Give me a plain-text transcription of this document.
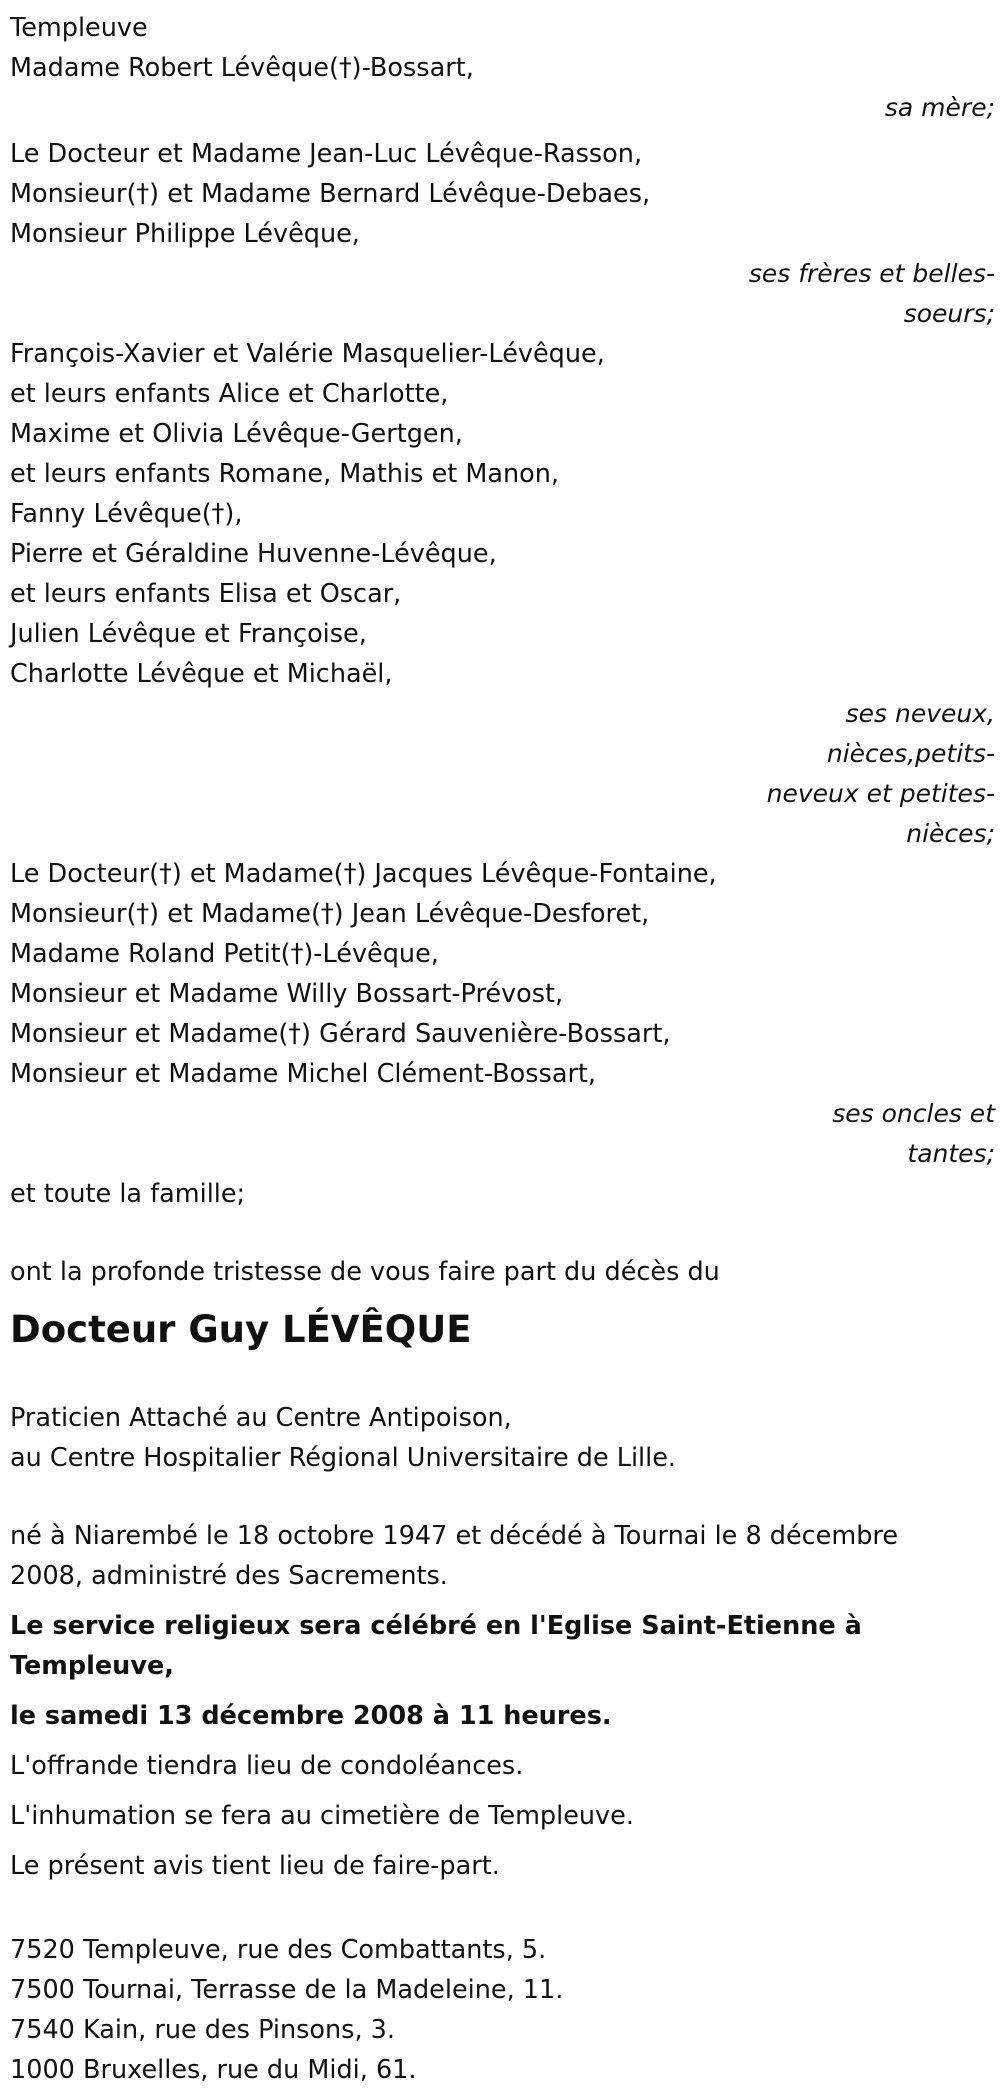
Templeuve
Madame Robert Lévêque(†)-Bossart,
sa mère;
Le Docteur et Madame Jean-Luc Lévêque-Rasson,
Monsieur(†) et Madame Bernard Lévêque-Debaes,
Monsieur Philippe Lévêque,
ses frères et belles-
soeurs;
François-Xavier et Valérie Masquelier-Lévêque,
et leurs enfants Alice et Charlotte,
Maxime et Olivia Lévêque-Gertgen,
et leurs enfants Romane, Mathis et Manon,
Fanny Lévêque(†),
Pierre et Géraldine Huvenne-Lévêque,
et leurs enfants Elisa et Oscar,
Julien Lévêque et Françoise,
Charlotte Lévêque et Michaël,
ses neveux,
nièces,petits-
neveux et petites-
nièces;
Le Docteur(†) et Madame(†) Jacques Lévêque-Fontaine,
Monsieur(†) et Madame(†) Jean Lévêque-Desforet,
Madame Roland Petit(†)-Lévêque,
Monsieur et Madame Willy Bossart-Prévost,
Monsieur et Madame(†) Gérard Sauvenière-Bossart,
Monsieur et Madame Michel Clément-Bossart,
ses oncles et
tantes;
et toute la famille;
ont la profonde tristesse de vous faire part du décès du
Docteur Guy LÉVÊQUE
Praticien Attaché au Centre Antipoison,
au Centre Hospitalier Régional Universitaire de Lille.
né à Niarembé le 18 octobre 1947 et décédé à Tournai le 8 décembre 2008, administré des Sacrements.
Le service religieux sera célébré en l'Eglise Saint-Etienne à Templeuve,
le samedi 13 décembre 2008 à 11 heures.
L'offrande tiendra lieu de condoléances.
L'inhumation se fera au cimetière de Templeuve.
Le présent avis tient lieu de faire-part.
7520 Templeuve, rue des Combattants, 5.
7500 Tournai, Terrasse de la Madeleine, 11.
7540 Kain, rue des Pinsons, 3.
1000 Bruxelles, rue du Midi, 61.
